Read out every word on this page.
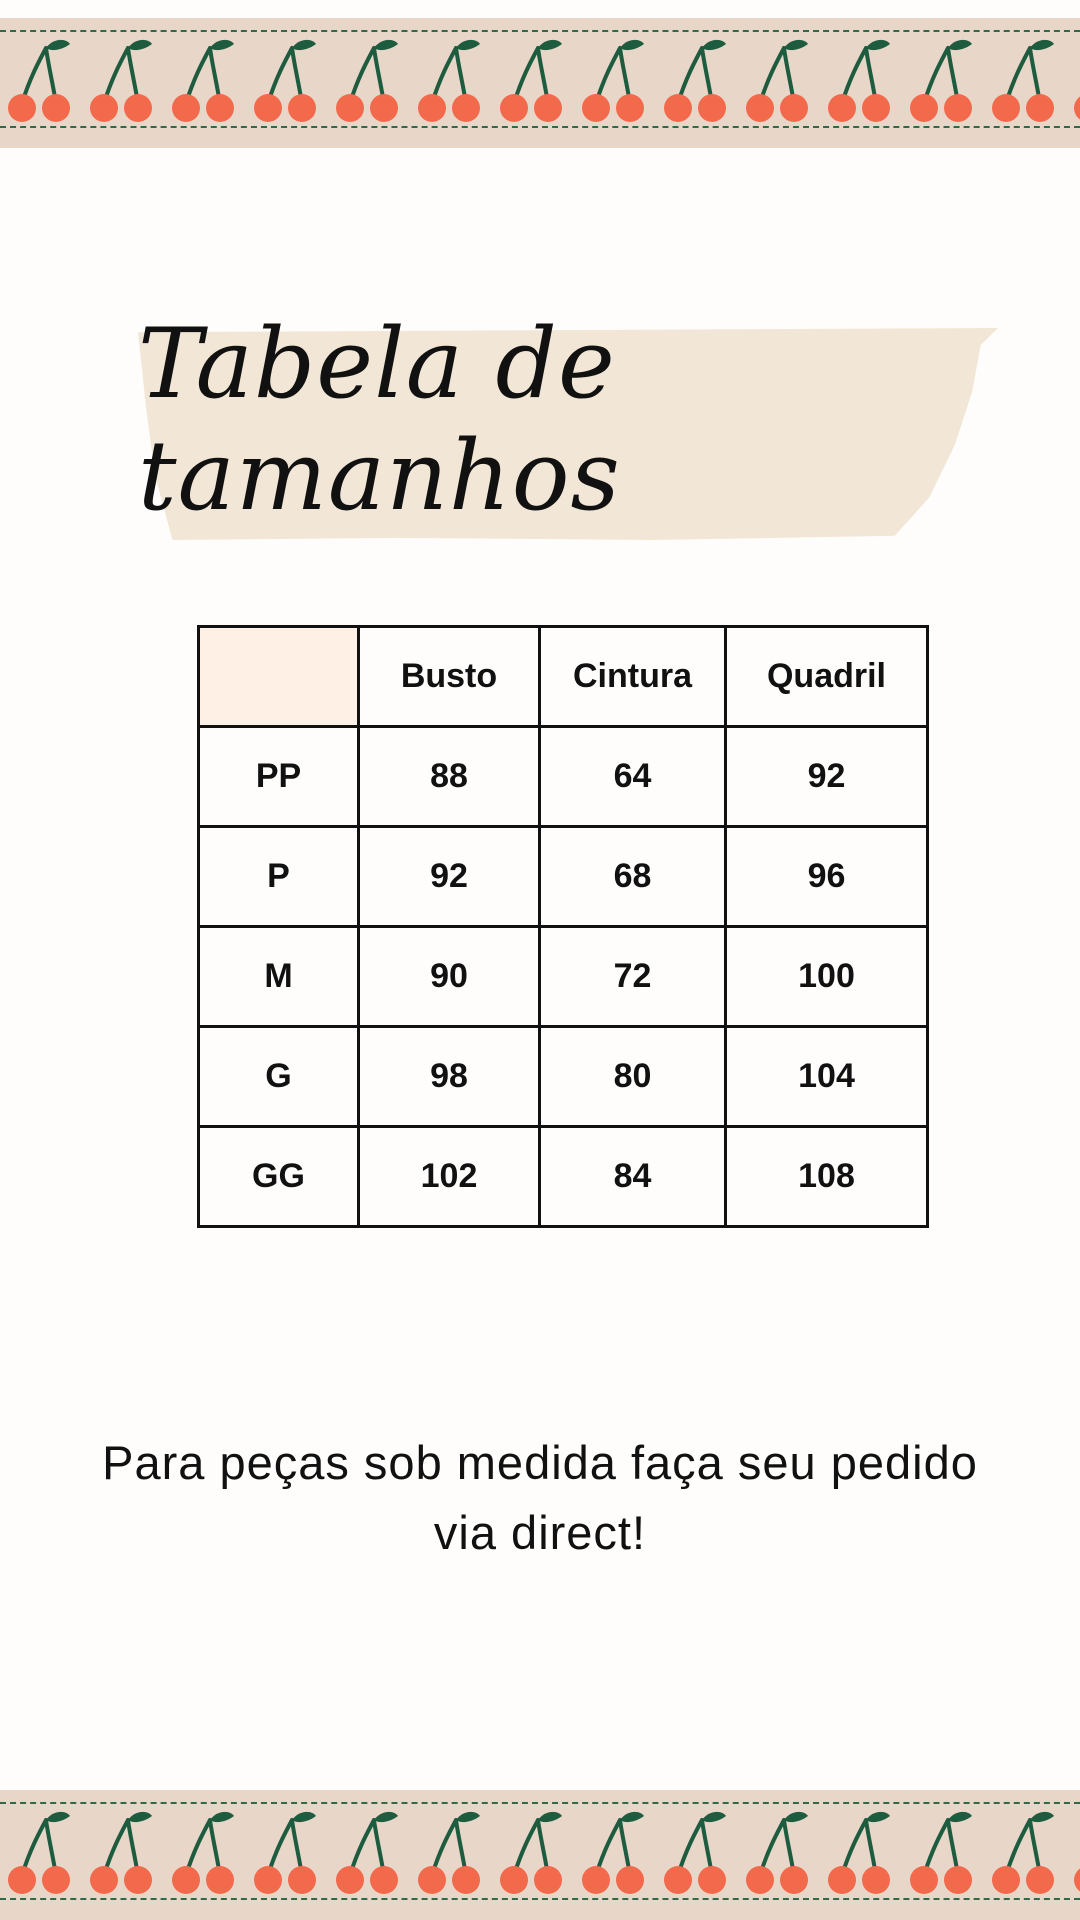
Tabela de tamanhos
	Busto	Cintura	Quadril
PP	88	64	92
P	92	68	96
M	90	72	100
G	98	80	104
GG	102	84	108
Para peças sob medida faça seu pedido via direct!
